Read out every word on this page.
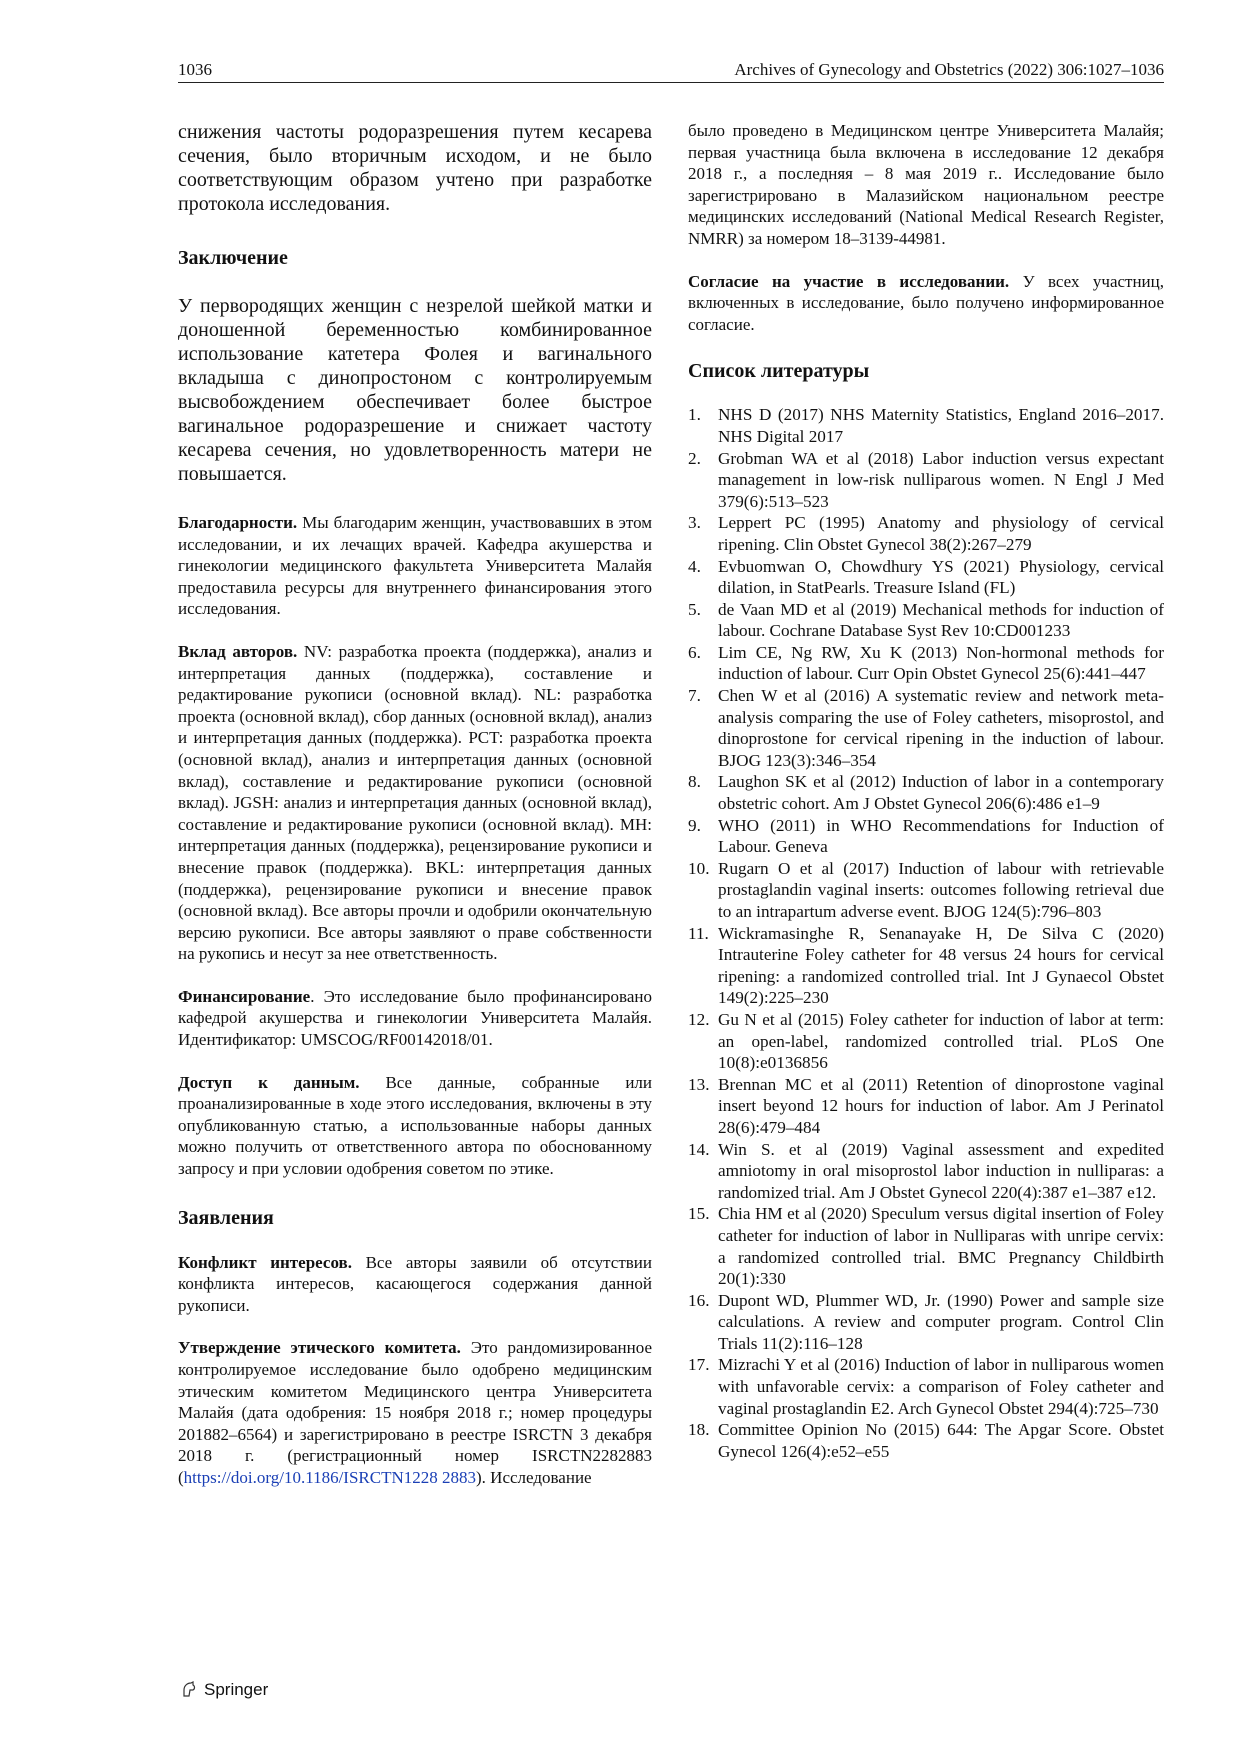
1036	Archives of Gynecology and Obstetrics (2022) 306:1027–1036

снижения частоты родоразрешения путем кесарева сечения, было вторичным исходом, и не было соответствующим образом учтено при разработке протокола исследования.

Заключение

У первородящих женщин с незрелой шейкой матки и доношенной беременностью комбинированное использование катетера Фолея и вагинального вкладыша с динопростоном с контролируемым высвобождением обеспечивает более быстрое вагинальное родоразрешение и снижает частоту кесарева сечения, но удовлетворенность матери не повышается.

Благодарности. Мы благодарим женщин, участвовавших в этом исследовании, и их лечащих врачей. Кафедра акушерства и гинекологии медицинского факультета Университета Малайя предоставила ресурсы для внутреннего финансирования этого исследования.

Вклад авторов. NV: разработка проекта (поддержка), анализ и интерпретация данных (поддержка), составление и редактирование рукописи (основной вклад). NL: разработка проекта (основной вклад), сбор данных (основной вклад), анализ и интерпретация данных (поддержка). PCT: разработка проекта (основной вклад), анализ и интерпретация данных (основной вклад), составление и редактирование рукописи (основной вклад). JGSH: анализ и интерпретация данных (основной вклад), составление и редактирование рукописи (основной вклад). MH: интерпретация данных (поддержка), рецензирование рукописи и внесение правок (поддержка). BKL: интерпретация данных (поддержка), рецензирование рукописи и внесение правок (основной вклад). Все авторы прочли и одобрили окончательную версию рукописи. Все авторы заявляют о праве собственности на рукопись и несут за нее ответственность.

Финансирование. Это исследование было профинансировано кафедрой акушерства и гинекологии Университета Малайя. Идентификатор: UMSCOG/RF00142018/01.

Доступ к данным. Все данные, собранные или проанализированные в ходе этого исследования, включены в эту опубликованную статью, а использованные наборы данных можно получить от ответственного автора по обоснованному запросу и при условии одобрения советом по этике.

Заявления

Конфликт интересов. Все авторы заявили об отсутствии конфликта интересов, касающегося содержания данной рукописи.

Утверждение этического комитета. Это рандомизированное контролируемое исследование было одобрено медицинским этическим комитетом Медицинского центра Университета Малайя (дата одобрения: 15 ноября 2018 г.; номер процедуры 201882–6564) и зарегистрировано в реестре ISRCTN 3 декабря 2018 г. (регистрационный номер ISRCTN2282883 (https://doi.org/10.1186/ISRCTN1228 2883). Исследование

было проведено в Медицинском центре Университета Малайя; первая участница была включена в исследование 12 декабря 2018 г., а последняя – 8 мая 2019 г.. Исследование было зарегистрировано в Малазийском национальном реестре медицинских исследований (National Medical Research Register, NMRR) за номером 18–3139-44981.

Согласие на участие в исследовании. У всех участниц, включенных в исследование, было получено информированное согласие.

Список литературы
1. NHS D (2017) NHS Maternity Statistics, England 2016–2017. NHS Digital 2017
2. Grobman WA et al (2018) Labor induction versus expectant management in low-risk nulliparous women. N Engl J Med 379(6):513–523
3. Leppert PC (1995) Anatomy and physiology of cervical ripening. Clin Obstet Gynecol 38(2):267–279
4. Evbuomwan O, Chowdhury YS (2021) Physiology, cervical dilation, in StatPearls. Treasure Island (FL)
5. de Vaan MD et al (2019) Mechanical methods for induction of labour. Cochrane Database Syst Rev 10:CD001233
6. Lim CE, Ng RW, Xu K (2013) Non-hormonal methods for induction of labour. Curr Opin Obstet Gynecol 25(6):441–447
7. Chen W et al (2016) A systematic review and network meta-analysis comparing the use of Foley catheters, misoprostol, and dinoprostone for cervical ripening in the induction of labour. BJOG 123(3):346–354
8. Laughon SK et al (2012) Induction of labor in a contemporary obstetric cohort. Am J Obstet Gynecol 206(6):486 e1–9
9. WHO (2011) in WHO Recommendations for Induction of Labour. Geneva
10. Rugarn O et al (2017) Induction of labour with retrievable prostaglandin vaginal inserts: outcomes following retrieval due to an intrapartum adverse event. BJOG 124(5):796–803
11. Wickramasinghe R, Senanayake H, De Silva C (2020) Intrauterine Foley catheter for 48 versus 24 hours for cervical ripening: a randomized controlled trial. Int J Gynaecol Obstet 149(2):225–230
12. Gu N et al (2015) Foley catheter for induction of labor at term: an open-label, randomized controlled trial. PLoS One 10(8):e0136856
13. Brennan MC et al (2011) Retention of dinoprostone vaginal insert beyond 12 hours for induction of labor. Am J Perinatol 28(6):479–484
14. Win S. et al (2019) Vaginal assessment and expedited amniotomy in oral misoprostol labor induction in nulliparas: a randomized trial. Am J Obstet Gynecol 220(4):387 e1–387 e12.
15. Chia HM et al (2020) Speculum versus digital insertion of Foley catheter for induction of labor in Nulliparas with unripe cervix: a randomized controlled trial. BMC Pregnancy Childbirth 20(1):330
16. Dupont WD, Plummer WD, Jr. (1990) Power and sample size calculations. A review and computer program. Control Clin Trials 11(2):116–128
17. Mizrachi Y et al (2016) Induction of labor in nulliparous women with unfavorable cervix: a comparison of Foley catheter and vaginal prostaglandin E2. Arch Gynecol Obstet 294(4):725–730
18. Committee Opinion No (2015) 644: The Apgar Score. Obstet Gynecol 126(4):e52–e55
Springer
